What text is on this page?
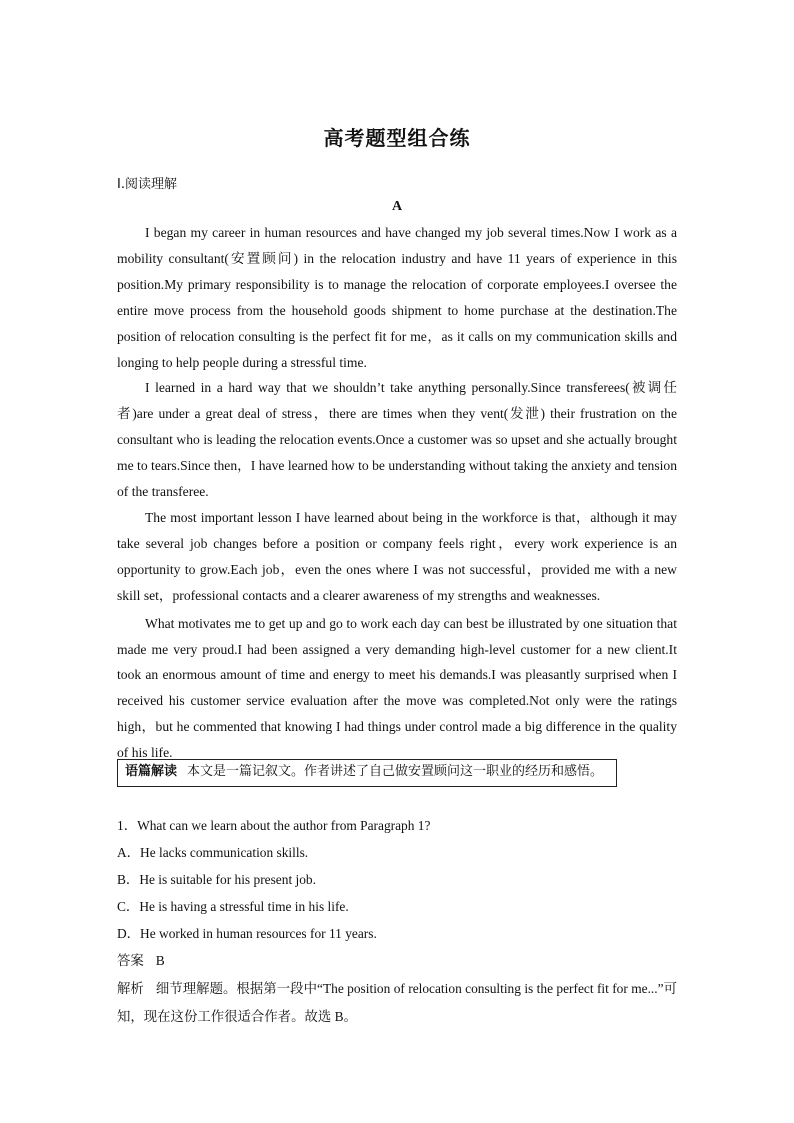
高考题型组合练
Ⅰ.阅读理解
A

I began my career in human resources and have changed my job several times.Now I work as a mobility consultant(安置顾问) in the relocation industry and have 11 years of experience in this position.My primary responsibility is to manage the relocation of corporate employees.I oversee the entire move process from the household goods shipment to home purchase at the destination.The position of relocation consulting is the perfect fit for me，as it calls on my communication skills and longing to help people during a stressful time.

I learned in a hard way that we shouldn’t take anything personally.Since transferees(被调任者)are under a great deal of stress，there are times when they vent(发泄) their frustration on the consultant who is leading the relocation events.Once a customer was so upset and she actually brought me to tears.Since then，I have learned how to be understanding without taking the anxiety and tension of the transferee.

The most important lesson I have learned about being in the workforce is that，although it may take several job changes before a position or company feels right，every work experience is an opportunity to grow.Each job，even the ones where I was not successful，provided me with a new skill set，professional contacts and a clearer awareness of my strengths and weaknesses.

What motivates me to get up and go to work each day can best be illustrated by one situation that made me very proud.I had been assigned a very demanding high-level customer for a new client.It took an enormous amount of time and energy to meet his demands.I was pleasantly surprised when I received his customer service evaluation after the move was completed.Not only were the ratings high，but he commented that knowing I had things under control made a big difference in the quality of his life.

语篇解读 本文是一篇记叙文。作者讲述了自己做安置顾问这一职业的经历和感悟。

1．What can we learn about the author from Paragraph 1?

A．He lacks communication skills.

B．He is suitable for his present job.

C．He is having a stressful time in his life.

D．He worked in human resources for 11 years.

答案 B

解析 细节理解题。根据第一段中“The position of relocation consulting is the perfect fit for me...”可知，现在这份工作很适合作者。故选 B。
